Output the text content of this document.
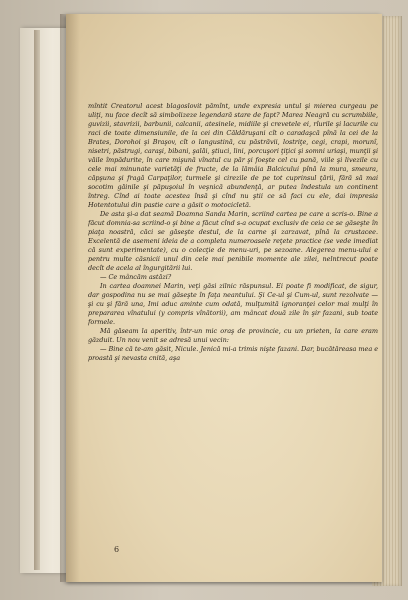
mîntit Creatorul acest blagoslovit pămînt, unde expresia untul şi mierea curgeau pe uliţi, nu face decît să simbolizeze legendară stare de fapt? Marea Neagră cu scrumbiile, guvizii, stavrizii, barbunii, calcanii, atesinele, midiile şi crevetele ei, rîurile şi lacurile cu raci de toate dimensiunile, de la cei din Căldăruşani cît o caradaşcă pînă la cei de la Brates, Dorohoi şi Braşov, cît o langustină, cu păstrăvii, lostriţe, cegi, crapi, morunî, nisetri, păstrugi, caraşi, bibani, şalăi, ştiuci, lini, porcuşori ţiţici şi somni uriaşi, munţii şi văile împădurite, în care mişună vînatul cu păr şi foeşte cel cu pană, viile şi livezile cu cele mai minunate varietăţi de fructe, de la lămâia Balcicului pînă la mura, smeura, căpşuna şi fragă Carpaţilor, turmele şi cirezile de pe tot cuprinsul ţării, fără să mai socotim găinile şi păpuşoiul în veşnică abundenţă, ar putea îndestula un continent întreg. Cînd ai toate acestea însă şi cînd nu ştii ce să faci cu ele, dai impresia Hotentotului din pastie care a găsit o motocicletă.

De asta şi-a dat seamă Doamna Sanda Marin, scriind cartea pe care a scris-o. Bine a făcut domnia-sa scriind-o şi bine a făcut cînd s-a ocupat exclusiv de ceia ce se găseşte în piaţa noastră, căci se găseşte destul, de la carne şi zarzavat, pînă la crustacee. Excelentă de asemeni ideia de a completa numeroasele reţete practice (se vede imediat că sunt experimentate), cu o colecţie de menu-uri, pe sezoane. Alegerea menu-ului e pentru multe căsnicii unul din cele mai penibile momente ale zilei, nelntrecut poate decît de acela al îngurgitării lui.

— Ce mâncăm astăzi?

In cartea doamnei Marin, veţi găsi zilnic răspunsul. Ei poate fi modificat, de sigur, dar gospodina nu se mai găseşte în faţa neantului. Şi Ce-ul şi Cum-ul, sunt rezolvate — şi cu şi fără una, Imi aduc aminte cum odată, mulţumită ignoranţei celor mai mulţi în prepararea vînatului (y compris vînătorii), am mâncat două zile în şir fazani, sub toate formele.

Mă găseam la aperitiv, într-un mic oraş de provincie, cu un prieten, la care eram găzduit. Un nou venit se adresă unui vecin:

— Bine că te-am găsit, Nicule. Jenică mi-a trimis nişte fazani. Dar, bucătăreasa mea e proastă şi nevasta cnită, aşa

6
